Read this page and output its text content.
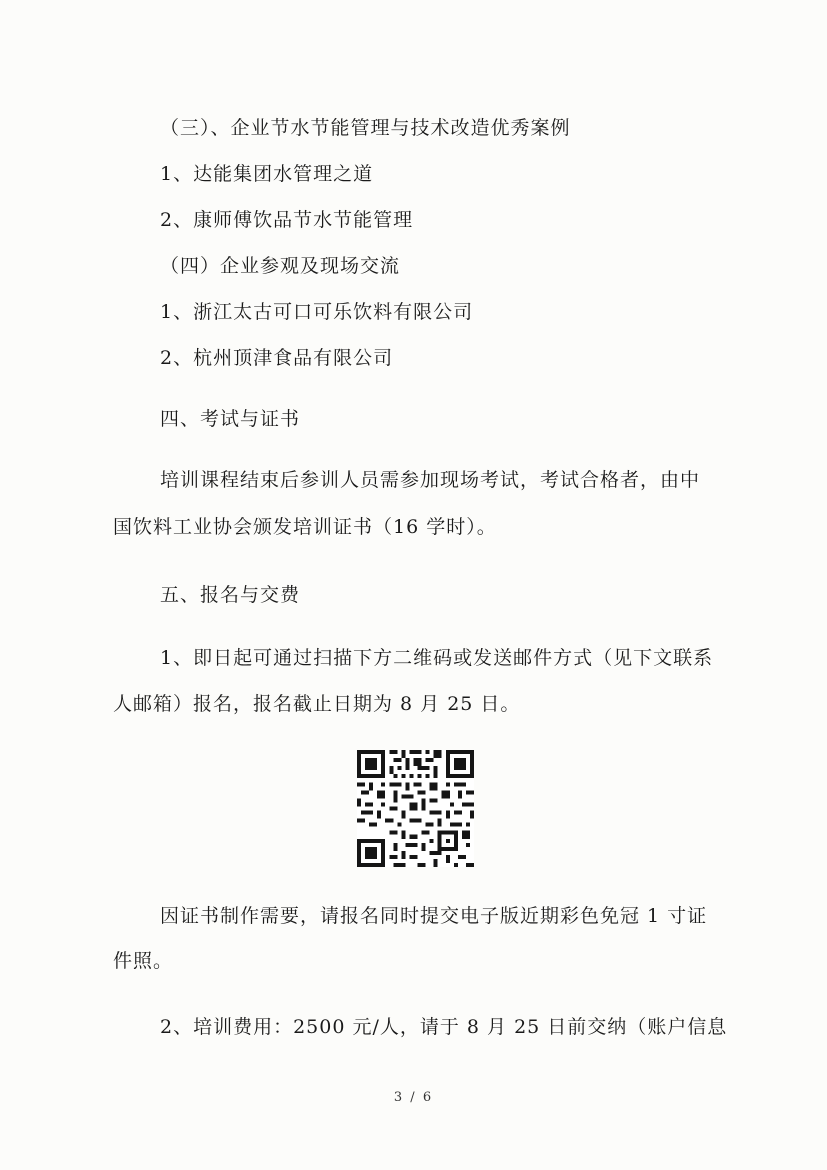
（三）、企业节水节能管理与技术改造优秀案例
1、达能集团水管理之道
2、康师傅饮品节水节能管理
（四）企业参观及现场交流
1、浙江太古可口可乐饮料有限公司
2、杭州顶津食品有限公司
四、考试与证书
培训课程结束后参训人员需参加现场考试，考试合格者，由中
国饮料工业协会颁发培训证书（16 学时）。
五、报名与交费
1、即日起可通过扫描下方二维码或发送邮件方式（见下文联系
人邮箱）报名，报名截止日期为 8 月 25 日。
因证书制作需要，请报名同时提交电子版近期彩色免冠 1 寸证
件照。
2、培训费用：2500 元/人，请于 8 月 25 日前交纳（账户信息
3 / 6
